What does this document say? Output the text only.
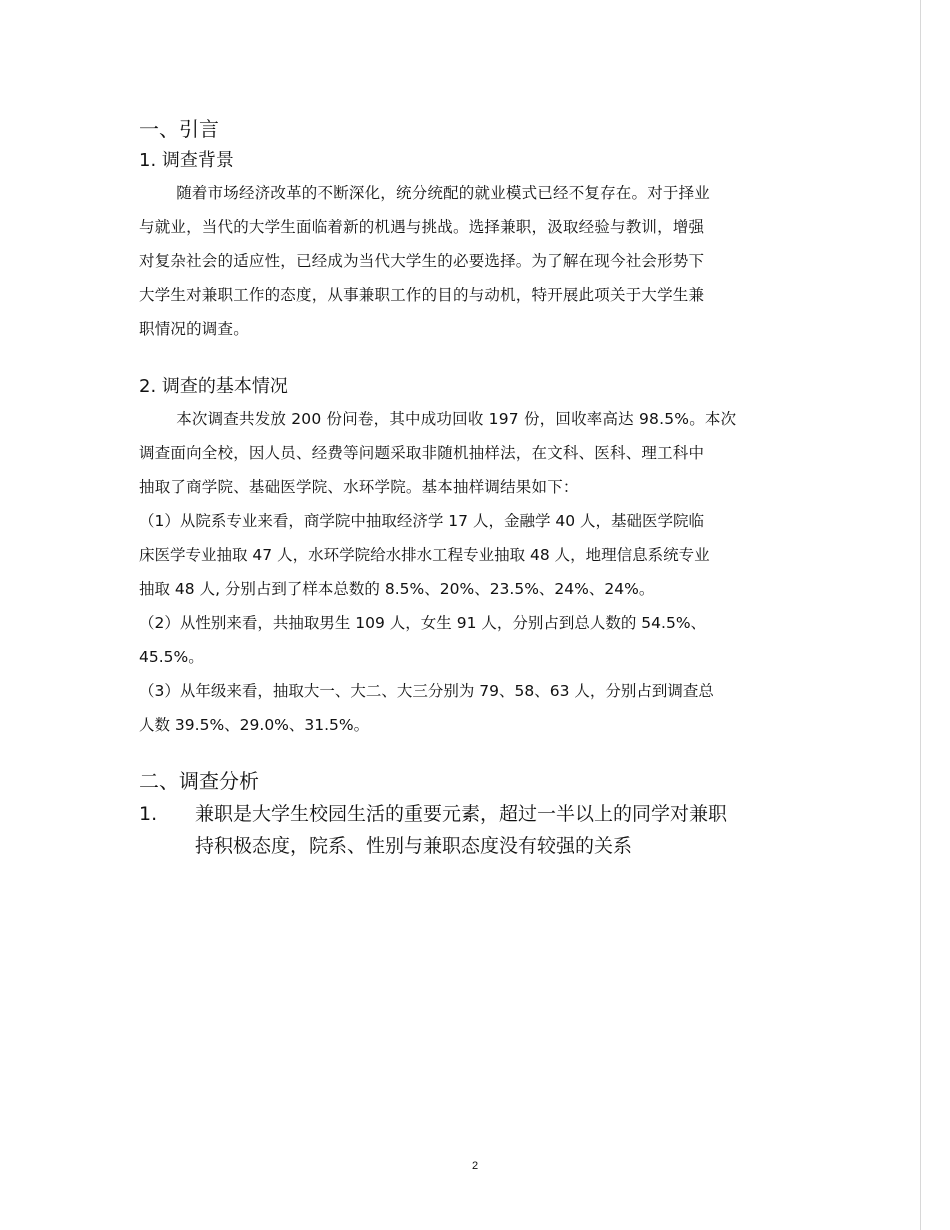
一、引言
1. 调查背景

随着市场经济改革的不断深化，统分统配的就业模式已经不复存在。对于择业

与就业，当代的大学生面临着新的机遇与挑战。选择兼职，汲取经验与教训，增强

对复杂社会的适应性，已经成为当代大学生的必要选择。为了解在现今社会形势下

大学生对兼职工作的态度，从事兼职工作的目的与动机，特开展此项关于大学生兼

职情况的调查。

2. 调查的基本情况

本次调查共发放 200 份问卷，其中成功回收 197 份，回收率高达 98.5%。本次

调查面向全校，因人员、经费等问题采取非随机抽样法，在文科、医科、理工科中

抽取了商学院、基础医学院、水环学院。基本抽样调结果如下：

（1）从院系专业来看，商学院中抽取经济学 17 人，金融学 40 人，基础医学院临

床医学专业抽取 47 人，水环学院给水排水工程专业抽取 48 人，地理信息系统专业

抽取 48 人, 分别占到了样本总数的 8.5%、20%、23.5%、24%、24%。

（2）从性别来看，共抽取男生 109 人，女生 91 人，分别占到总人数的 54.5%、

45.5%。

（3）从年级来看，抽取大一、大二、大三分别为 79、58、63 人，分别占到调查总

人数 39.5%、29.0%、31.5%。

二、调查分析
1.	兼职是大学生校园生活的重要元素，超过一半以上的同学对兼职
持积极态度，院系、性别与兼职态度没有较强的关系
2
